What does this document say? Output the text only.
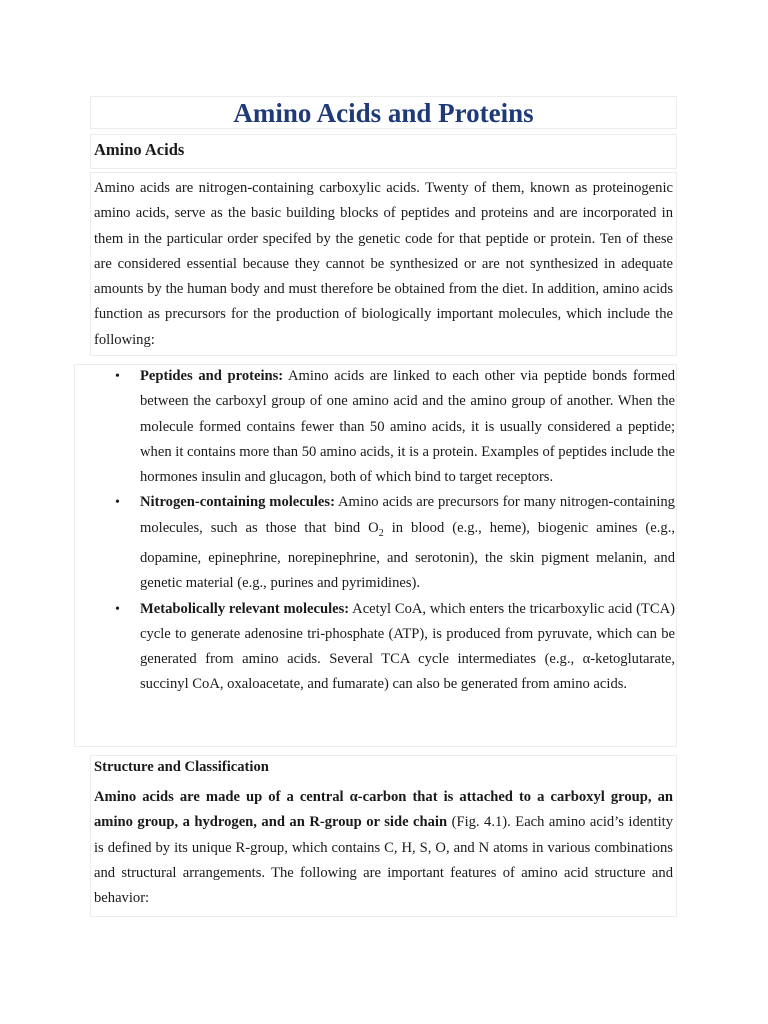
Amino Acids and Proteins
Amino Acids

Amino acids are nitrogen-containing carboxylic acids. Twenty of them, known as proteinogenic amino acids, serve as the basic building blocks of peptides and proteins and are incorporated in them in the particular order specifed by the genetic code for that peptide or protein. Ten of these are considered essential because they cannot be synthesized or are not synthesized in adequate amounts by the human body and must therefore be obtained from the diet. In addition, amino acids function as precursors for the production of biologically important molecules, which include the following:

• Peptides and proteins: Amino acids are linked to each other via peptide bonds formed between the carboxyl group of one amino acid and the amino group of another. When the molecule formed contains fewer than 50 amino acids, it is usually considered a peptide; when it contains more than 50 amino acids, it is a protein. Examples of peptides include the hormones insulin and glucagon, both of which bind to target receptors.
• Nitrogen-containing molecules: Amino acids are precursors for many nitrogen-containing molecules, such as those that bind $O_2$ in blood (e.g., heme), biogenic amines (e.g., dopamine, epinephrine, norepinephrine, and serotonin), the skin pigment melanin, and genetic material (e.g., purines and pyrimidines).
• Metabolically relevant molecules: Acetyl CoA, which enters the tricarboxylic acid (TCA) cycle to generate adenosine tri-phosphate (ATP), is produced from pyruvate, which can be generated from amino acids. Several TCA cycle intermediates (e.g., α-ketoglutarate, succinyl CoA, oxaloacetate, and fumarate) can also be generated from amino acids.
Structure and Classification

Amino acids are made up of a central α-carbon that is attached to a carboxyl group, an amino group, a hydrogen, and an R-group or side chain (Fig. 4.1). Each amino acid’s identity is defined by its unique R-group, which contains C, H, S, O, and N atoms in various combinations and structural arrangements. The following are important features of amino acid structure and behavior:
